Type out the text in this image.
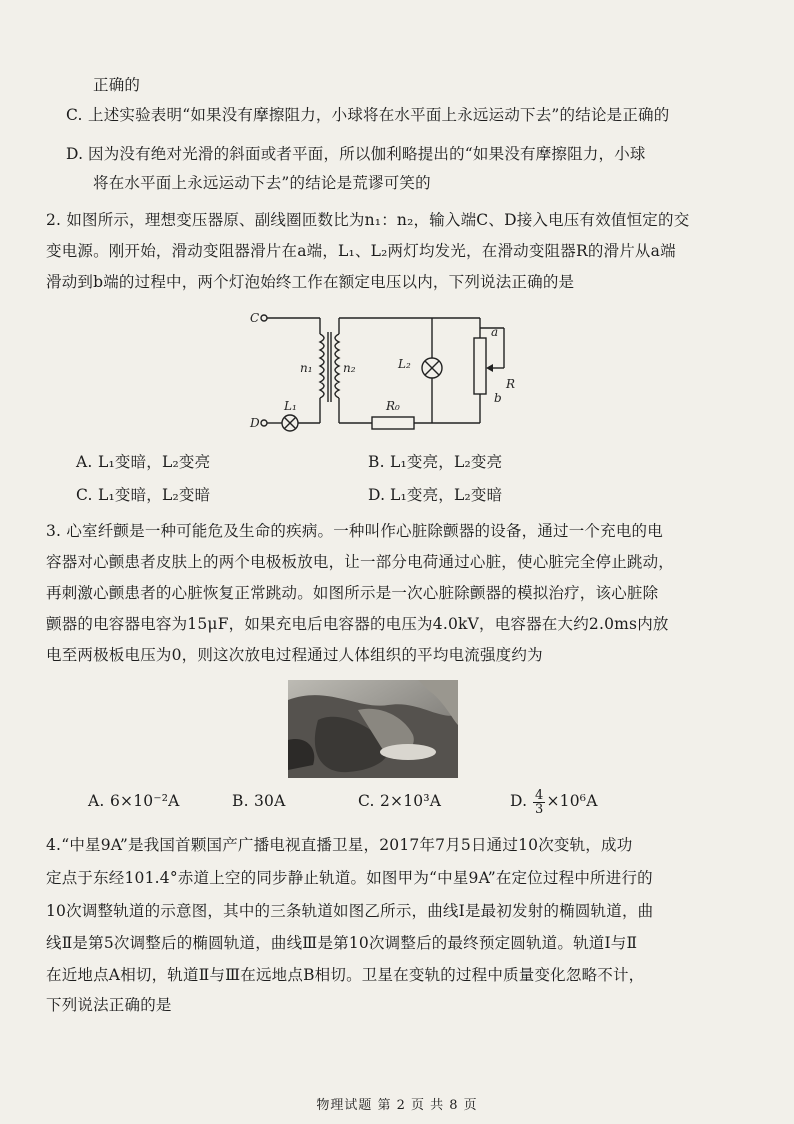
正确的
C. 上述实验表明“如果没有摩擦阻力，小球将在水平面上永远运动下去”的结论是正确的
D. 因为没有绝对光滑的斜面或者平面，所以伽利略提出的“如果没有摩擦阻力，小球
将在水平面上永远运动下去”的结论是荒谬可笑的
2. 如图所示，理想变压器原、副线圈匝数比为n₁：n₂，输入端C、D接入电压有效值恒定的交
变电源。刚开始，滑动变阻器滑片在a端，L₁、L₂两灯均发光，在滑动变阻器R的滑片从a端
滑动到b端的过程中，两个灯泡始终工作在额定电压以内，下列说法正确的是
C
D
n₁	n₂
L₁
L₂
R₀
a
b
R
A. L₁变暗，L₂变亮	B. L₁变亮，L₂变亮
C. L₁变暗，L₂变暗	D. L₁变亮，L₂变暗
3. 心室纤颤是一种可能危及生命的疾病。一种叫作心脏除颤器的设备，通过一个充电的电
容器对心颤患者皮肤上的两个电极板放电，让一部分电荷通过心脏，使心脏完全停止跳动，
再刺激心颤患者的心脏恢复正常跳动。如图所示是一次心脏除颤器的模拟治疗，该心脏除
颤器的电容器电容为15μF，如果充电后电容器的电压为4.0kV，电容器在大约2.0ms内放
电至两极板电压为0，则这次放电过程通过人体组织的平均电流强度约为
A. 6×10⁻²A	B. 30A	C. 2×10³A	D. $\frac{4}{3} \times 10^6A$
4.“中星9A”是我国首颗国产广播电视直播卫星，2017年7月5日通过10次变轨，成功
定点于东经101.4°赤道上空的同步静止轨道。如图甲为“中星9A”在定位过程中所进行的
10次调整轨道的示意图，其中的三条轨道如图乙所示，曲线Ⅰ是最初发射的椭圆轨道，曲
线Ⅱ是第5次调整后的椭圆轨道，曲线Ⅲ是第10次调整后的最终预定圆轨道。轨道Ⅰ与Ⅱ
在近地点A相切，轨道Ⅱ与Ⅲ在远地点B相切。卫星在变轨的过程中质量变化忽略不计，
下列说法正确的是
物理试题 第 2 页 共 8 页
